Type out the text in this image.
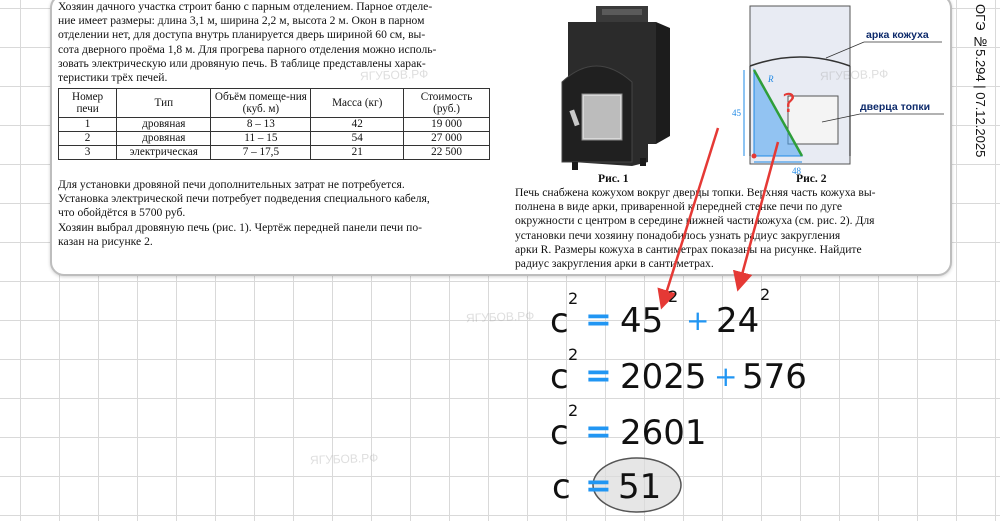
Хозяин дачного участка строит баню с парным отделением. Парное отделе-
ние имеет размеры: длина 3,1 м, ширина 2,2 м, высота 2 м. Окон в парном
отделении нет, для доступа внутрь планируется дверь шириной 60 см, вы-
сота дверного проёма 1,8 м. Для прогрева парного отделения можно исполь-
зовать электрическую или дровяную печь. В таблице представлены харак-
теристики трёх печей.
Номер печи	Тип	Объём помеще-ния (куб. м)	Масса (кг)	Стоимость (руб.)
1	дровяная	8 – 13	42	19 000
2	дровяная	11 – 15	54	27 000
3	электрическая	7 – 17,5	21	22 500
Для установки дровяной печи дополнительных затрат не потребуется.
Установка электрической печи потребует подведения специального кабеля,
что обойдётся в 5700 руб.
Хозяин выбрал дровяную печь (рис. 1). Чертёж передней панели печи по-
казан на рисунке 2.
Рис. 1
45
48
R
?
арка кожуха
дверца топки
Рис. 2
Печь снабжена кожухом вокруг дверцы топки. Верхняя часть кожуха вы-
полнена в виде арки, приваренной к передней стенке печи по дуге
окружности с центром в середине нижней части кожуха (см. рис. 2). Для
установки печи хозяину понадобилось узнать радиус закругления
арки R. Размеры кожуха в сантиметрах показаны на рисунке. Найдите
радиус закругления арки в сантиметрах.
ЯГУБОВ.РФ	ЯГУБОВ.РФ
ЯГУБОВ.РФ
ЯГУБОВ.РФ
ОГЭ №5.294 | 07.12.2025
c
2
= 45
2
+ 24
2
c
2
= 2025 + 576
c
2
= 2601
c = 51
